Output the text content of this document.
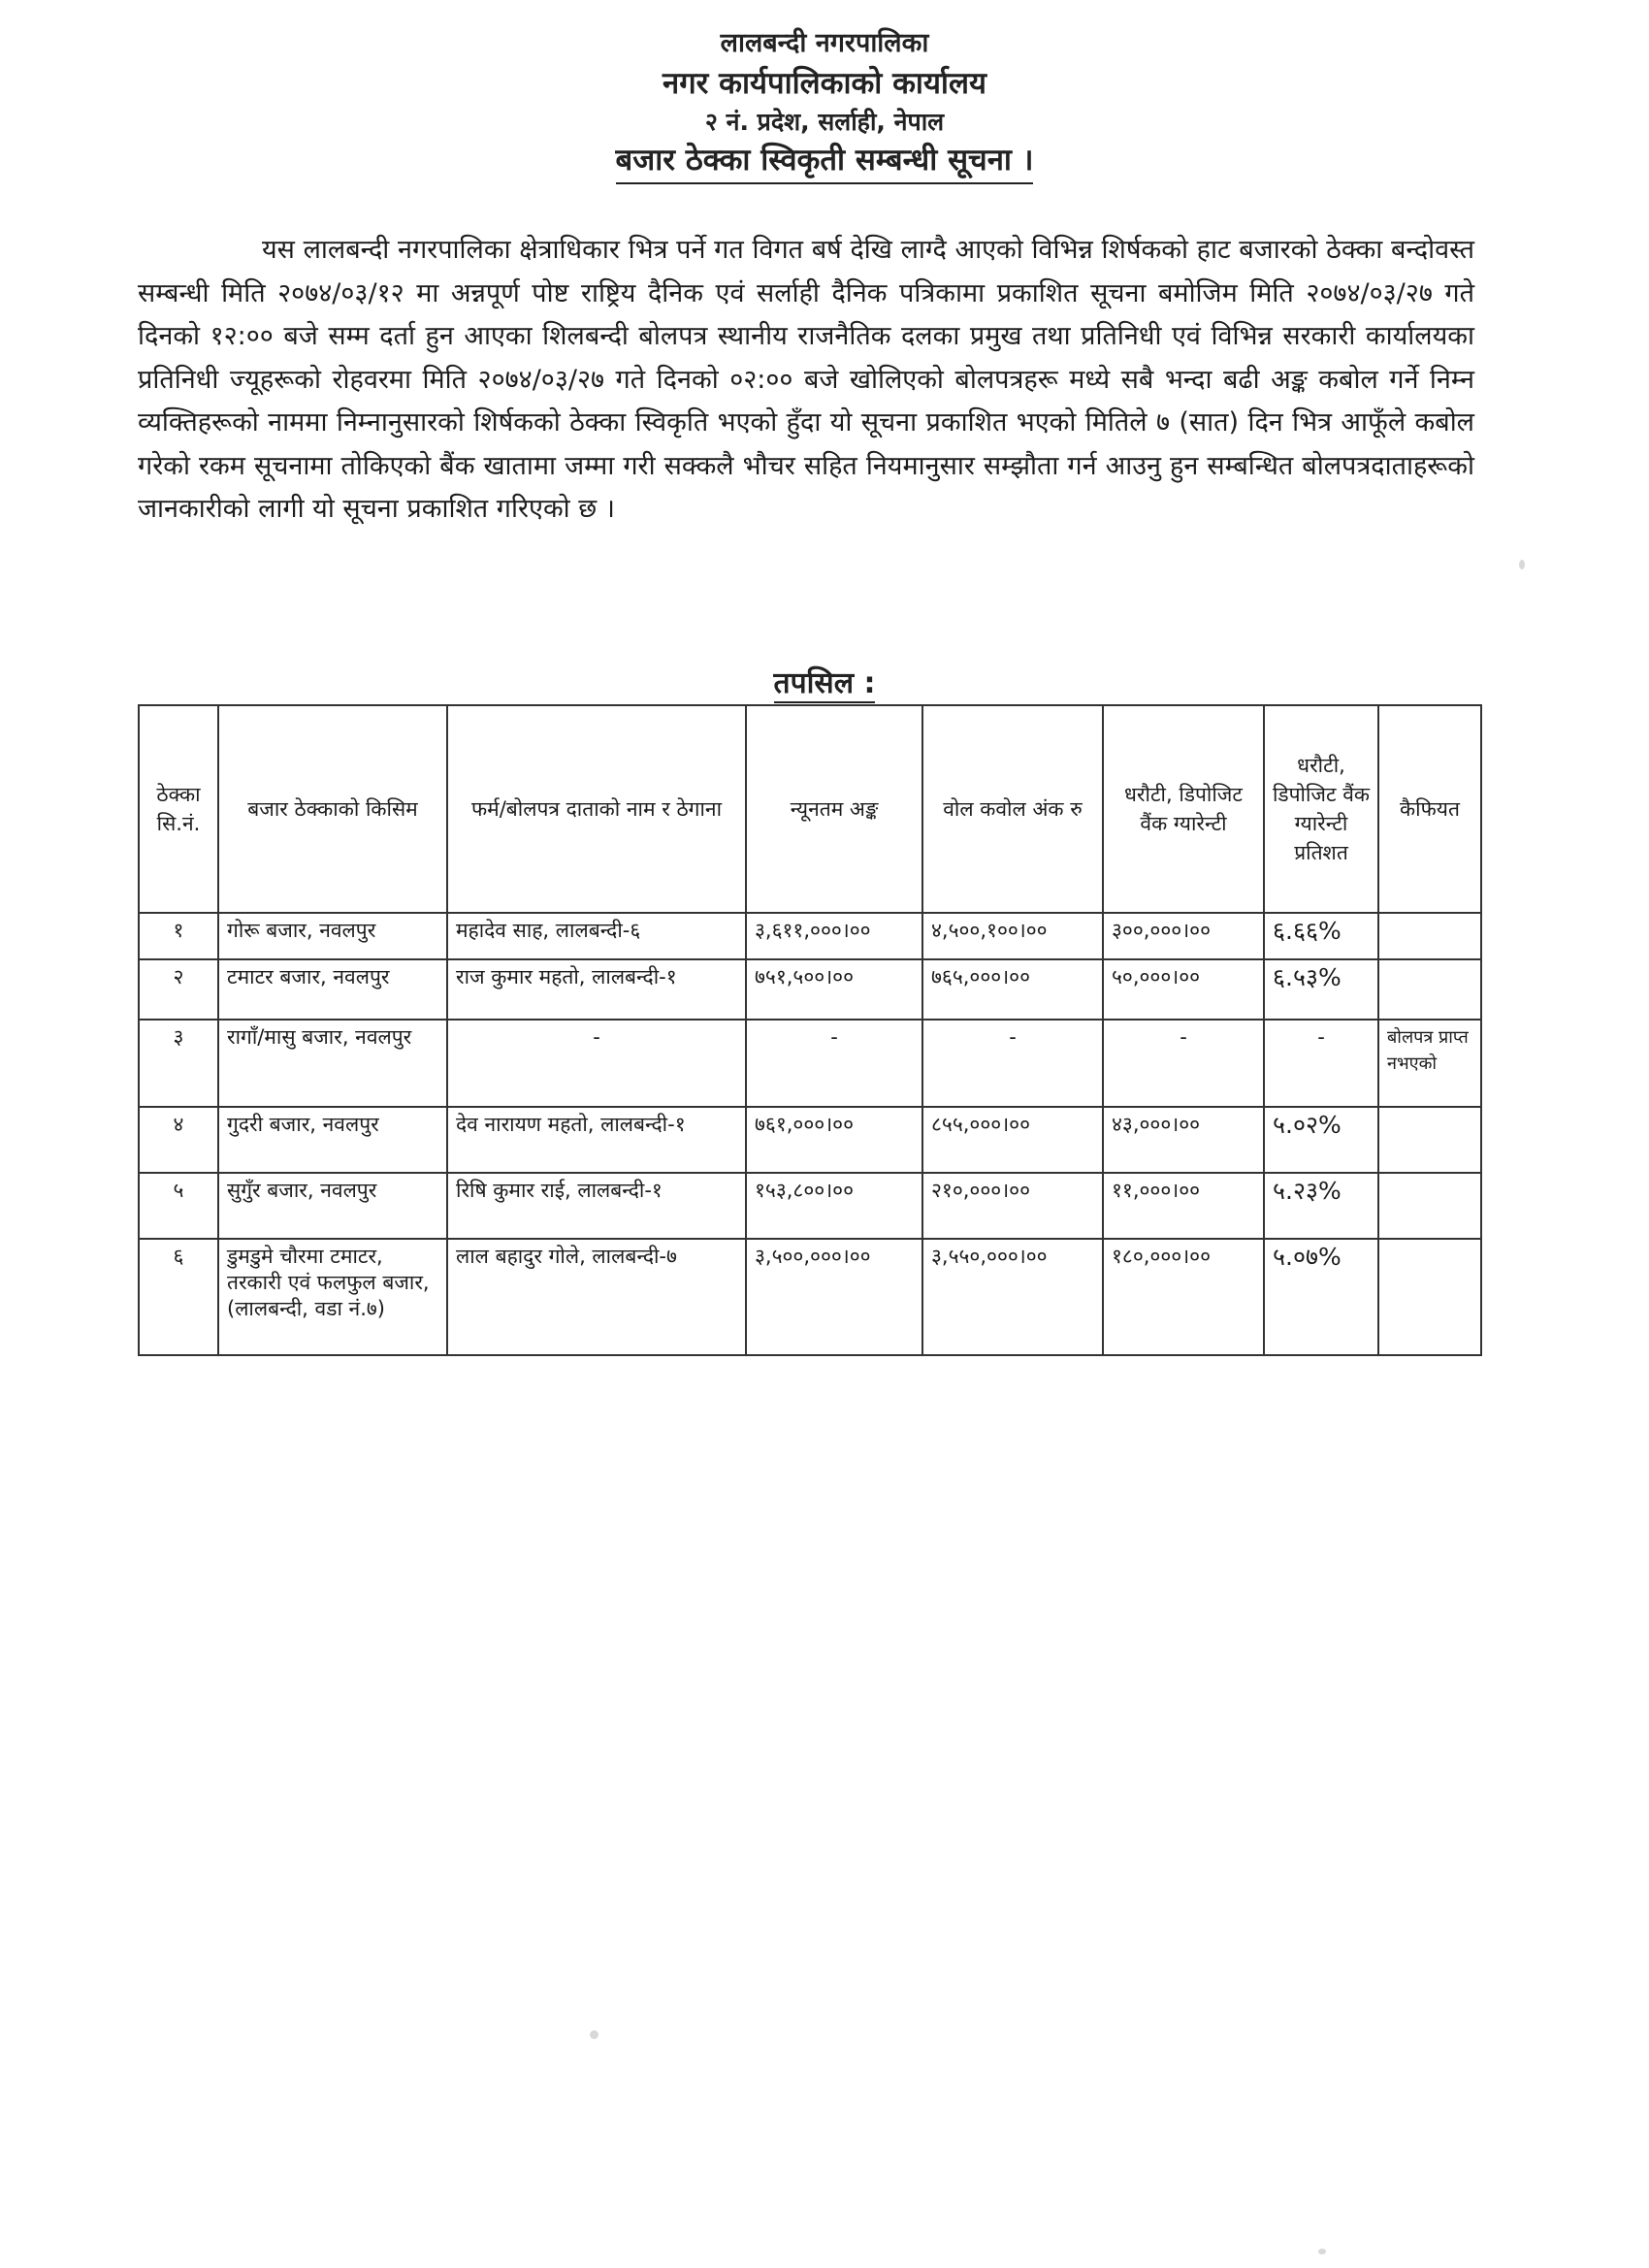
लालबन्दी नगरपालिका
नगर कार्यपालिकाको कार्यालय
२ नं. प्रदेश, सर्लाही, नेपाल
बजार ठेक्का स्विकृती सम्बन्धी सूचना ।

यस लालबन्दी नगरपालिका क्षेत्राधिकार भित्र पर्ने गत विगत बर्ष देखि लाग्दै आएको विभिन्न शिर्षकको हाट बजारको ठेक्का बन्दोवस्त सम्बन्धी मिति २०७४/०३/१२ मा अन्नपूर्ण पोष्ट राष्ट्रिय दैनिक एवं सर्लाही दैनिक पत्रिकामा प्रकाशित सूचना बमोजिम मिति २०७४/०३/२७ गते दिनको १२:०० बजे सम्म दर्ता हुन आएका शिलबन्दी बोलपत्र स्थानीय राजनैतिक दलका प्रमुख तथा प्रतिनिधी एवं विभिन्न सरकारी कार्यालयका प्रतिनिधी ज्यूहरूको रोहवरमा मिति २०७४/०३/२७ गते दिनको ०२:०० बजे खोलिएको बोलपत्रहरू मध्ये सबै भन्दा बढी अङ्क कबोल गर्ने निम्न व्यक्तिहरूको नाममा निम्नानुसारको शिर्षकको ठेक्का स्विकृति भएको हुँदा यो सूचना प्रकाशित भएको मितिले ७ (सात) दिन भित्र आफूँले कबोल गरेको रकम सूचनामा तोकिएको बैंक खातामा जम्मा गरी सक्कलै भौचर सहित नियमानुसार सम्झौता गर्न आउनु हुन सम्बन्धित बोलपत्रदाताहरूको जानकारीको लागी यो सूचना प्रकाशित गरिएको छ ।

तपसिल :
ठेक्का सि.नं.	बजार ठेक्काको किसिम	फर्म/बोलपत्र दाताको नाम र ठेगाना	न्यूनतम अङ्क	वोल कवोल अंक रु	धरौटी, डिपोजिट वैंक ग्यारेन्टी	धरौटी, डिपोजिट वैंक ग्यारेन्टी प्रतिशत	कैफियत
१	गोरू बजार, नवलपुर	महादेव साह, लालबन्दी-६	३,६११,०००।००	४,५००,१००।००	३००,०००।००	६.६६%	
२	टमाटर बजार, नवलपुर	राज कुमार महतो, लालबन्दी-१	७५१,५००।००	७६५,०००।००	५०,०००।००	६.५३%	
३	रागाँ/मासु बजार, नवलपुर	-	-	-	-	-	बोलपत्र प्राप्त नभएको
४	गुदरी बजार, नवलपुर	देव नारायण महतो, लालबन्दी-१	७६१,०००।००	८५५,०००।००	४३,०००।००	५.०२%	
५	सुगुँर बजार, नवलपुर	रिषि कुमार राई, लालबन्दी-१	१५३,८००।००	२१०,०००।००	११,०००।००	५.२३%	
६	डुमडुमे चौरमा टमाटर, तरकारी एवं फलफुल बजार, (लालबन्दी, वडा नं.७)	लाल बहादुर गोले, लालबन्दी-७	३,५००,०००।००	३,५५०,०००।००	१८०,०००।००	५.०७%	
